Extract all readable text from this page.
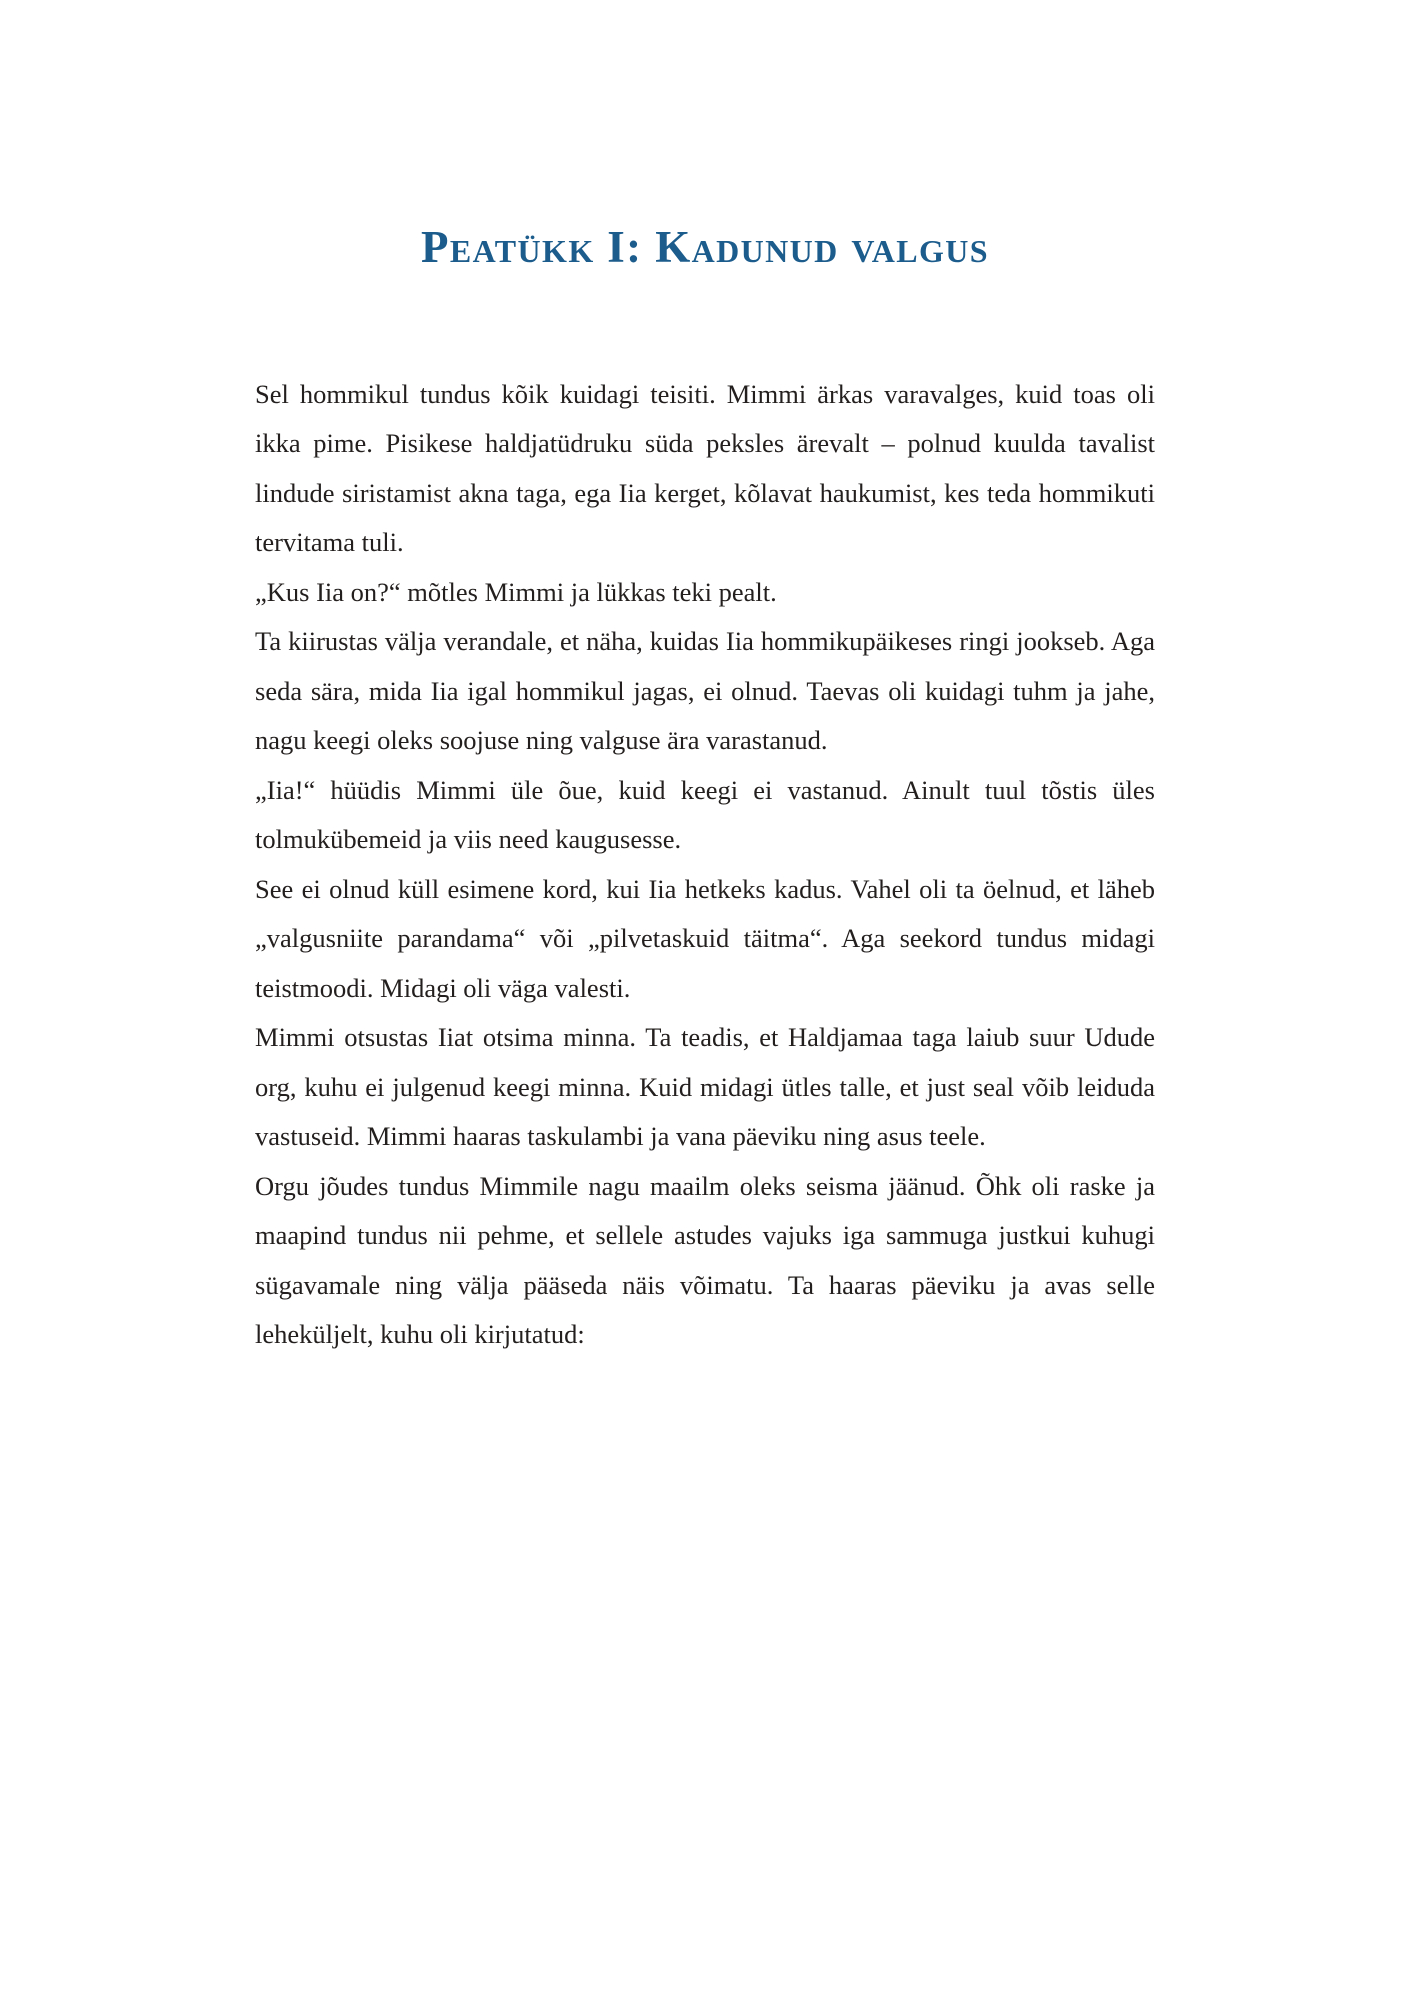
Peatükk I: Kadunud valgus

Sel hommikul tundus kõik kuidagi teisiti. Mimmi ärkas varavalges, kuid toas oli ikka pime. Pisikese haldjatüdruku süda peksles ärevalt – polnud kuulda tavalist lindude siristamist akna taga, ega Iia kerget, kõlavat haukumist, kes teda hommikuti tervitama tuli.

„Kus Iia on?“ mõtles Mimmi ja lükkas teki pealt.

Ta kiirustas välja verandale, et näha, kuidas Iia hommikupäikeses ringi jookseb. Aga seda sära, mida Iia igal hommikul jagas, ei olnud. Taevas oli kuidagi tuhm ja jahe, nagu keegi oleks soojuse ning valguse ära varastanud.

„Iia!“ hüüdis Mimmi üle õue, kuid keegi ei vastanud. Ainult tuul tõstis üles tolmukübemeid ja viis need kaugusesse.

See ei olnud küll esimene kord, kui Iia hetkeks kadus. Vahel oli ta öelnud, et läheb „valgusniite parandama“ või „pilvetaskuid täitma“. Aga seekord tundus midagi teistmoodi. Midagi oli väga valesti.

Mimmi otsustas Iiat otsima minna. Ta teadis, et Haldjamaa taga laiub suur Udude org, kuhu ei julgenud keegi minna. Kuid midagi ütles talle, et just seal võib leiduda vastuseid. Mimmi haaras taskulambi ja vana päeviku ning asus teele.

Orgu jõudes tundus Mimmile nagu maailm oleks seisma jäänud. Õhk oli raske ja maapind tundus nii pehme, et sellele astudes vajuks iga sammuga justkui kuhugi sügavamale ning välja pääseda näis võimatu. Ta haaras päeviku ja avas selle leheküljelt, kuhu oli kirjutatud:
